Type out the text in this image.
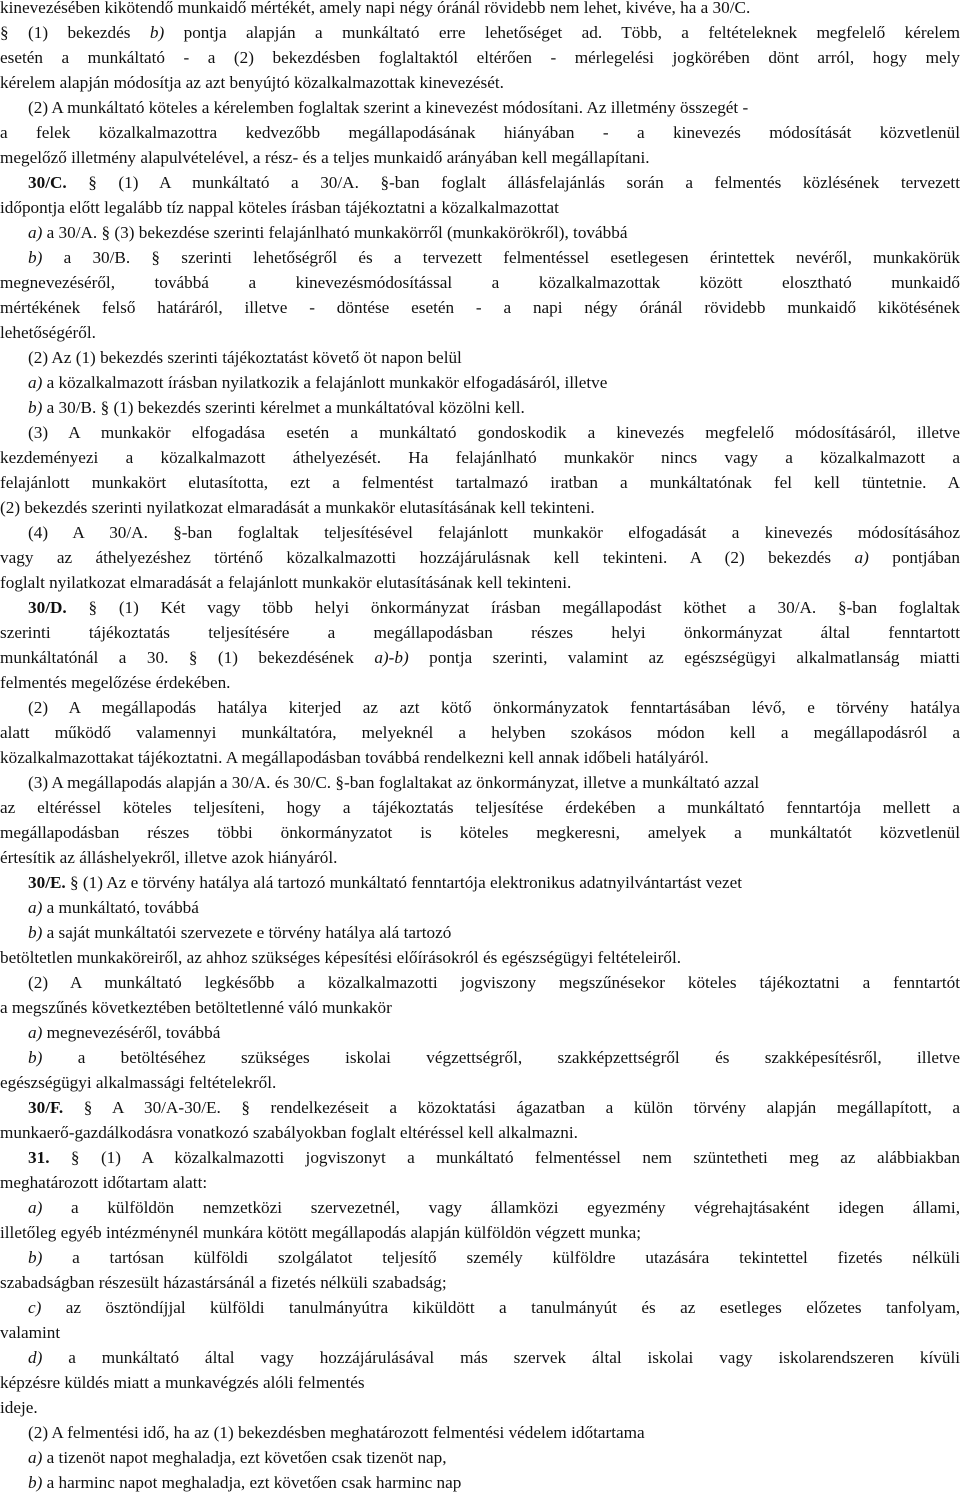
kinevezésében kikötendő munkaidő mértékét, amely napi négy óránál rövidebb nem lehet, kivéve, ha a 30/C.
§ (1) bekezdés b) pontja alapján a munkáltató erre lehetőséget ad. Több, a feltételeknek megfelelő kérelem
esetén a munkáltató - a (2) bekezdésben foglaltaktól eltérően - mérlegelési jogkörében dönt arról, hogy mely
kérelem alapján módosítja az azt benyújtó közalkalmazottak kinevezését.
(2) A munkáltató köteles a kérelemben foglaltak szerint a kinevezést módosítani. Az illetmény összegét -
a felek közalkalmazottra kedvezőbb megállapodásának hiányában - a kinevezés módosítását közvetlenül
megelőző illetmény alapulvételével, a rész- és a teljes munkaidő arányában kell megállapítani.
30/C. § (1) A munkáltató a 30/A. §-ban foglalt állásfelajánlás során a felmentés közlésének tervezett
időpontja előtt legalább tíz nappal köteles írásban tájékoztatni a közalkalmazottat
a) a 30/A. § (3) bekezdése szerinti felajánlható munkakörről (munkakörökről), továbbá
b) a 30/B. § szerinti lehetőségről és a tervezett felmentéssel esetlegesen érintettek nevéről, munkakörük
megnevezéséről, továbbá a kinevezésmódosítással a közalkalmazottak között elosztható munkaidő
mértékének felső határáról, illetve - döntése esetén - a napi négy óránál rövidebb munkaidő kikötésének
lehetőségéről.
(2) Az (1) bekezdés szerinti tájékoztatást követő öt napon belül
a) a közalkalmazott írásban nyilatkozik a felajánlott munkakör elfogadásáról, illetve
b) a 30/B. § (1) bekezdés szerinti kérelmet a munkáltatóval közölni kell.
(3) A munkakör elfogadása esetén a munkáltató gondoskodik a kinevezés megfelelő módosításáról, illetve
kezdeményezi a közalkalmazott áthelyezését. Ha felajánlható munkakör nincs vagy a közalkalmazott a
felajánlott munkakört elutasította, ezt a felmentést tartalmazó iratban a munkáltatónak fel kell tüntetnie. A
(2) bekezdés szerinti nyilatkozat elmaradását a munkakör elutasításának kell tekinteni.
(4) A 30/A. §-ban foglaltak teljesítésével felajánlott munkakör elfogadását a kinevezés módosításához
vagy az áthelyezéshez történő közalkalmazotti hozzájárulásnak kell tekinteni. A (2) bekezdés a) pontjában
foglalt nyilatkozat elmaradását a felajánlott munkakör elutasításának kell tekinteni.
30/D. § (1) Két vagy több helyi önkormányzat írásban megállapodást köthet a 30/A. §-ban foglaltak
szerinti tájékoztatás teljesítésére a megállapodásban részes helyi önkormányzat által fenntartott
munkáltatónál a 30. § (1) bekezdésének a)-b) pontja szerinti, valamint az egészségügyi alkalmatlanság miatti
felmentés megelőzése érdekében.
(2) A megállapodás hatálya kiterjed az azt kötő önkormányzatok fenntartásában lévő, e törvény hatálya
alatt működő valamennyi munkáltatóra, melyeknél a helyben szokásos módon kell a megállapodásról a
közalkalmazottakat tájékoztatni. A megállapodásban továbbá rendelkezni kell annak időbeli hatályáról.
(3) A megállapodás alapján a 30/A. és 30/C. §-ban foglaltakat az önkormányzat, illetve a munkáltató azzal
az eltéréssel köteles teljesíteni, hogy a tájékoztatás teljesítése érdekében a munkáltató fenntartója mellett a
megállapodásban részes többi önkormányzatot is köteles megkeresni, amelyek a munkáltatót közvetlenül
értesítik az álláshelyekről, illetve azok hiányáról.
30/E. § (1) Az e törvény hatálya alá tartozó munkáltató fenntartója elektronikus adatnyilvántartást vezet
a) a munkáltató, továbbá
b) a saját munkáltatói szervezete e törvény hatálya alá tartozó
betöltetlen munkaköreiről, az ahhoz szükséges képesítési előírásokról és egészségügyi feltételeiről.
(2) A munkáltató legkésőbb a közalkalmazotti jogviszony megszűnésekor köteles tájékoztatni a fenntartót
a megszűnés következtében betöltetlenné váló munkakör
a) megnevezéséről, továbbá
b) a betöltéséhez szükséges iskolai végzettségről, szakképzettségről és szakképesítésről, illetve
egészségügyi alkalmassági feltételekről.
30/F. § A 30/A-30/E. § rendelkezéseit a közoktatási ágazatban a külön törvény alapján megállapított, a
munkaerő-gazdálkodásra vonatkozó szabályokban foglalt eltéréssel kell alkalmazni.
31. § (1) A közalkalmazotti jogviszonyt a munkáltató felmentéssel nem szüntetheti meg az alábbiakban
meghatározott időtartam alatt:
a) a külföldön nemzetközi szervezetnél, vagy államközi egyezmény végrehajtásaként idegen állami,
illetőleg egyéb intézménynél munkára kötött megállapodás alapján külföldön végzett munka;
b) a tartósan külföldi szolgálatot teljesítő személy külföldre utazására tekintettel fizetés nélküli
szabadságban részesült házastársánál a fizetés nélküli szabadság;
c) az ösztöndíjjal külföldi tanulmányútra kiküldött a tanulmányút és az esetleges előzetes tanfolyam,
valamint
d) a munkáltató által vagy hozzájárulásával más szervek által iskolai vagy iskolarendszeren kívüli
képzésre küldés miatt a munkavégzés alóli felmentés
ideje.
(2) A felmentési idő, ha az (1) bekezdésben meghatározott felmentési védelem időtartama
a) a tizenöt napot meghaladja, ezt követően csak tizenöt nap,
b) a harminc napot meghaladja, ezt követően csak harminc nap
